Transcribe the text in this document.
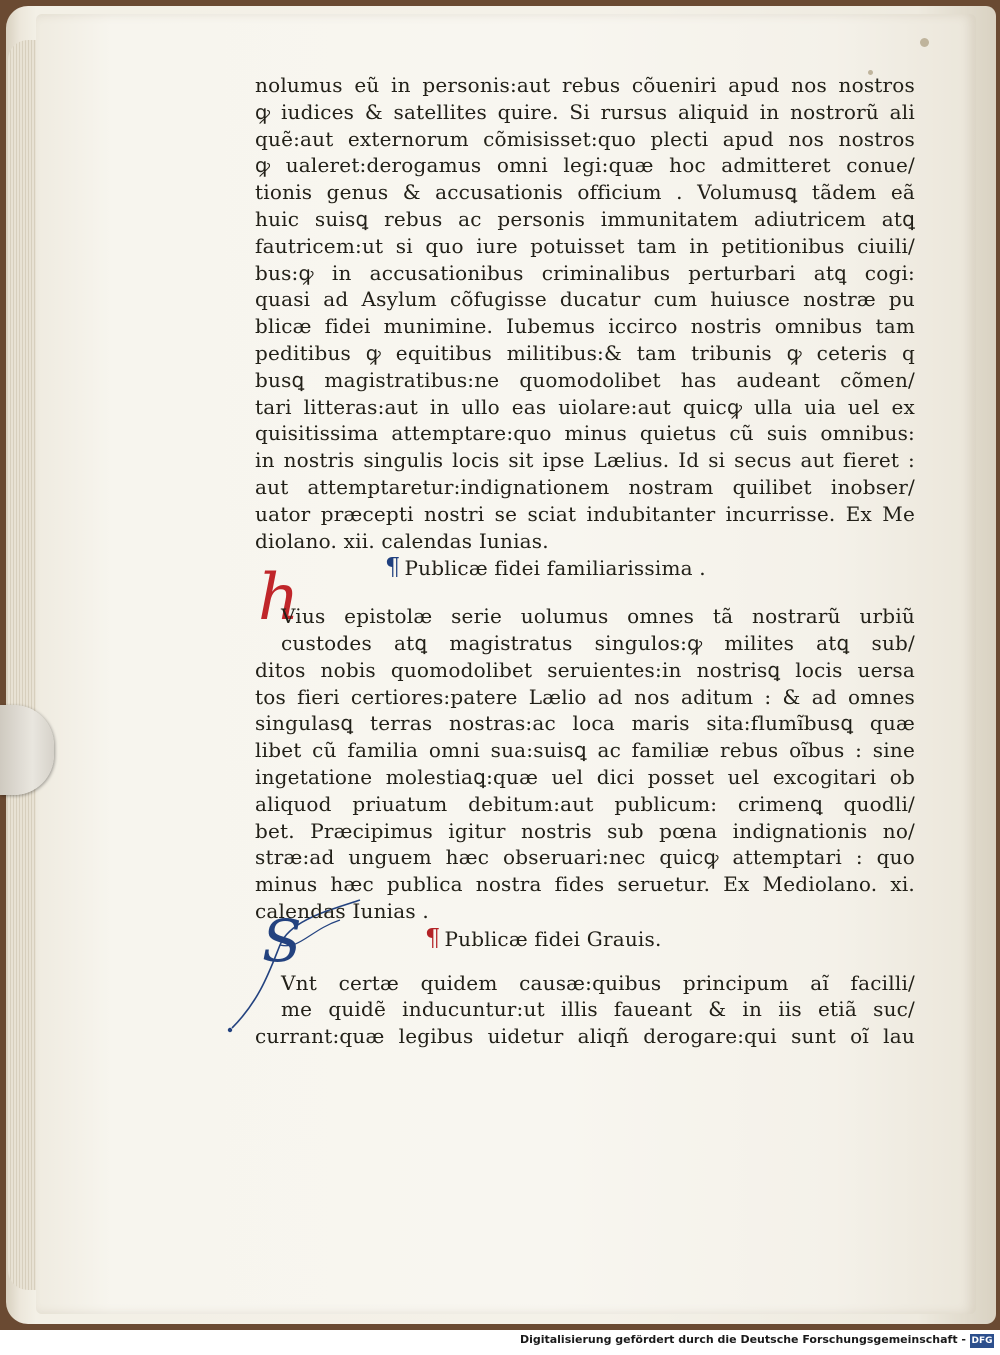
h
S
nolumus eũ in personis:aut rebus cõueniri apud nos nostros
ꝙ iudices & satellites quire. Si rursus aliquid in nostrorũ ali
quẽ:aut externorum cõmisisset:quo plecti apud nos nostros
ꝙ ualeret:derogamus omni legi:quæ hoc admitteret conue/
tionis genus & accusationis officium . Volumusꝗ tãdem eã
huic suisꝗ rebus ac personis immunitatem adiutricem atꝗ
fautricem:ut si quo iure potuisset tam in petitionibus ciuili/
bus:ꝙ in accusationibus criminalibus perturbari atꝗ cogi:
quasi ad Asylum cõfugisse ducatur cum huiusce nostræ pu
blicæ fidei munimine. Iubemus iccirco nostris omnibus tam
peditibus ꝙ equitibus militibus:& tam tribunis ꝙ ceteris q
busꝗ magistratibus:ne quomodolibet has audeant cõmen/
tari litteras:aut in ullo eas uiolare:aut quicꝙ ulla uia uel ex
quisitissima attemptare:quo minus quietus cũ suis omnibus:
in nostris singulis locis sit ipse Lælius. Id si secus aut fieret :
aut attemptaretur:indignationem nostram quilibet inobser/
uator præcepti nostri se sciat indubitanter incurrisse. Ex Me
diolano. xii. calendas Iunias.
¶ Publicæ fidei familiarissima .
Vius epistolæ serie uolumus omnes tã nostrarũ urbiũ
custodes atꝗ magistratus singulos:ꝙ milites atꝗ sub/
ditos nobis quomodolibet seruientes:in nostrisꝗ locis uersa
tos fieri certiores:patere Lælio ad nos aditum : & ad omnes
singulasꝗ terras nostras:ac loca maris sita:flumĩbusꝗ quæ
libet cũ familia omni sua:suisꝗ ac familiæ rebus oĩbus : sine
ingetatione molestiaꝗ:quæ uel dici posset uel excogitari ob
aliquod priuatum debitum:aut publicum: crimenꝗ quodli/
bet. Præcipimus igitur nostris sub pœna indignationis no/
stræ:ad unguem hæc obseruari:nec quicꝙ attemptari : quo
minus hæc publica nostra fides seruetur. Ex Mediolano. xi.
calendas Iunias .
¶ Publicæ fidei Grauis.
Vnt certæ quidem causæ:quibus principum aĩ facilli/
me quidẽ inducuntur:ut illis faueant & in iis etiã suc/
currant:quæ legibus uidetur aliqñ derogare:qui sunt oĩ lau
Digitalisierung gefördert durch die Deutsche Forschungsgemeinschaft - DFG
